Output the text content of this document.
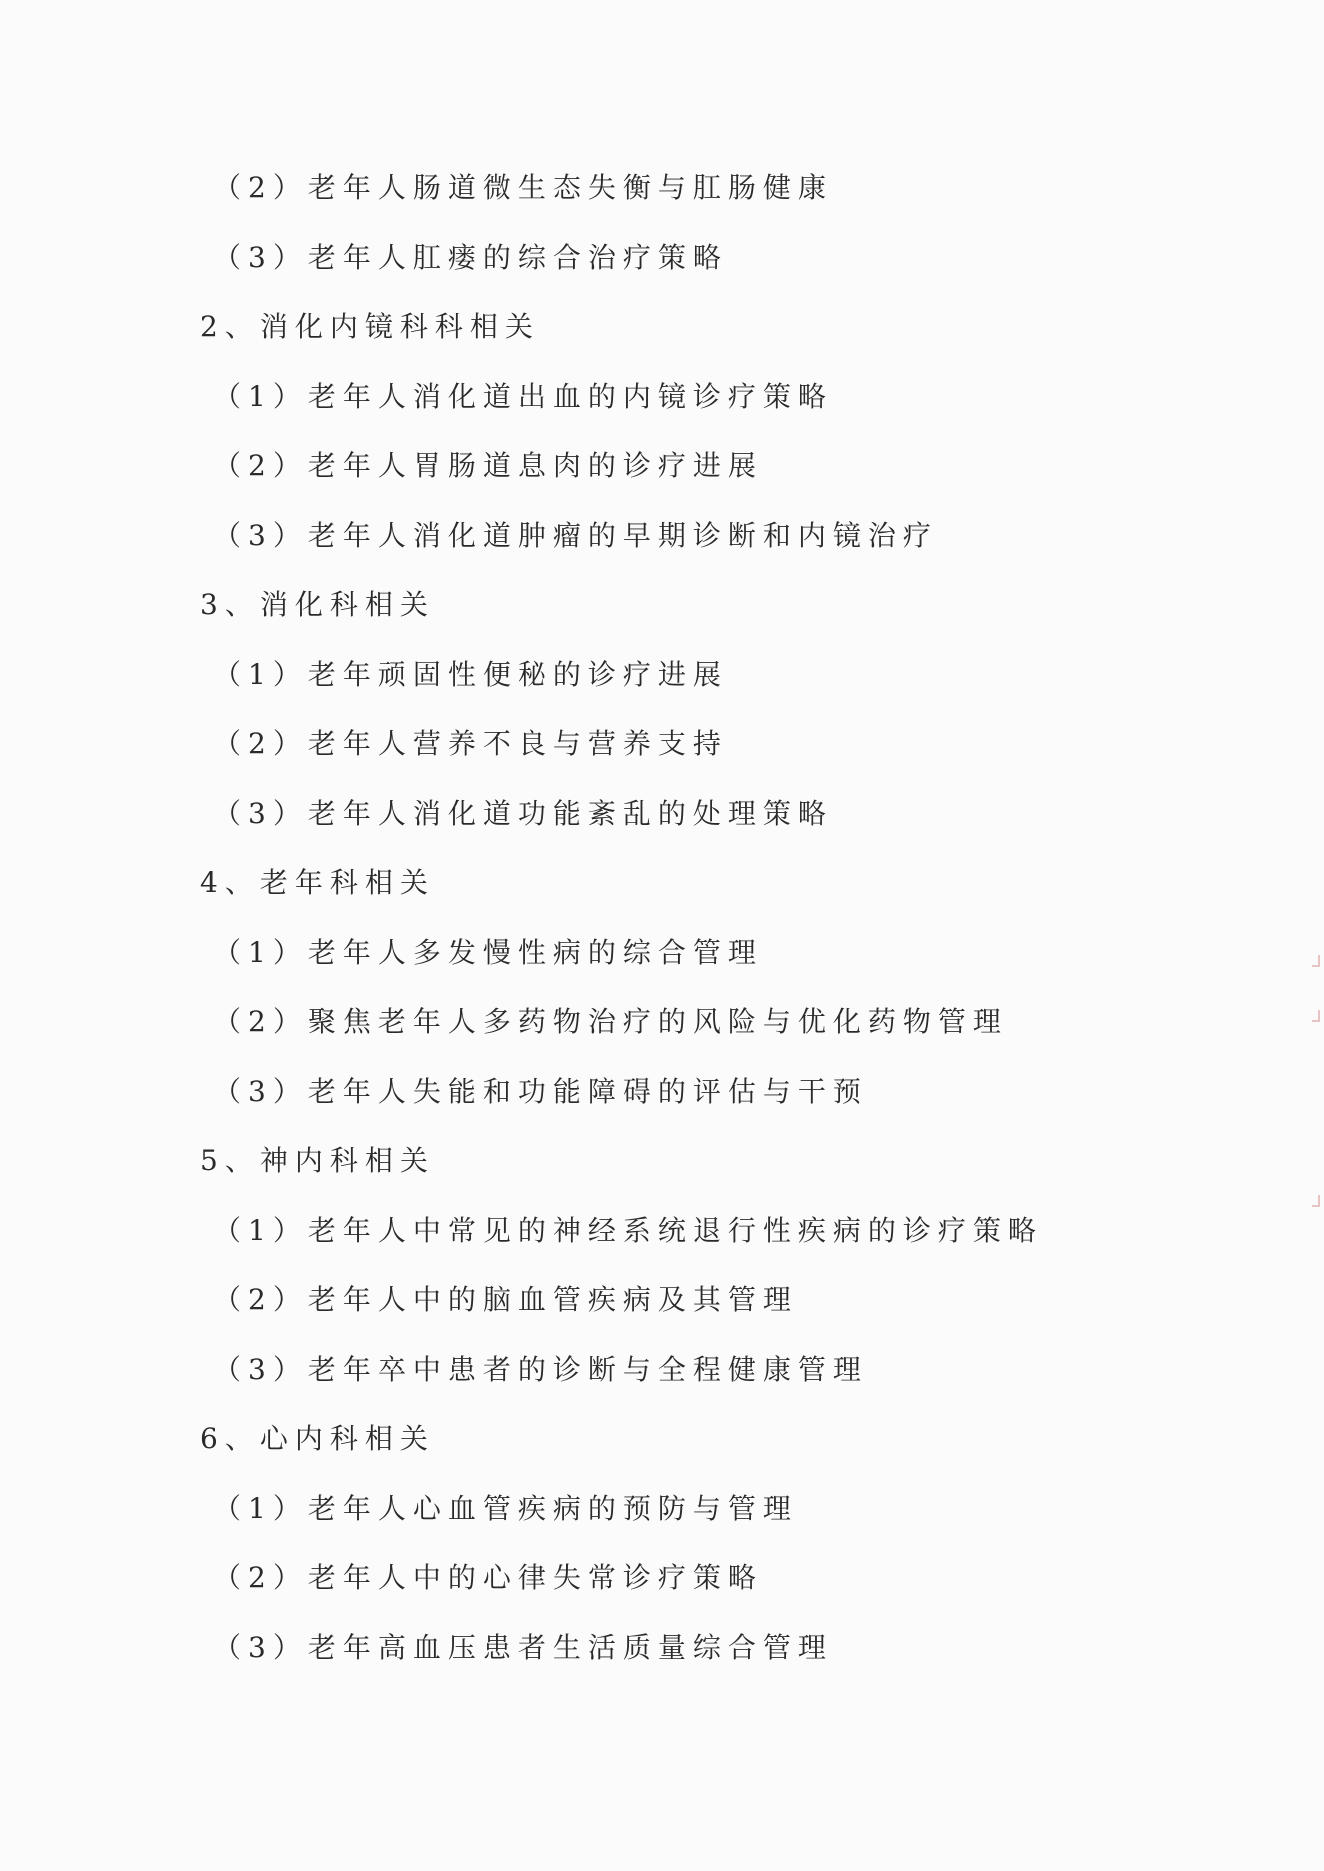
（2）老年人肠道微生态失衡与肛肠健康
（3）老年人肛瘘的综合治疗策略
2、消化内镜科科相关
（1）老年人消化道出血的内镜诊疗策略
（2）老年人胃肠道息肉的诊疗进展
（3）老年人消化道肿瘤的早期诊断和内镜治疗
3、消化科相关
（1）老年顽固性便秘的诊疗进展
（2）老年人营养不良与营养支持
（3）老年人消化道功能紊乱的处理策略
4、老年科相关
（1）老年人多发慢性病的综合管理
（2）聚焦老年人多药物治疗的风险与优化药物管理
（3）老年人失能和功能障碍的评估与干预
5、神内科相关
（1）老年人中常见的神经系统退行性疾病的诊疗策略
（2）老年人中的脑血管疾病及其管理
（3）老年卒中患者的诊断与全程健康管理
6、心内科相关
（1）老年人心血管疾病的预防与管理
（2）老年人中的心律失常诊疗策略
（3）老年高血压患者生活质量综合管理
